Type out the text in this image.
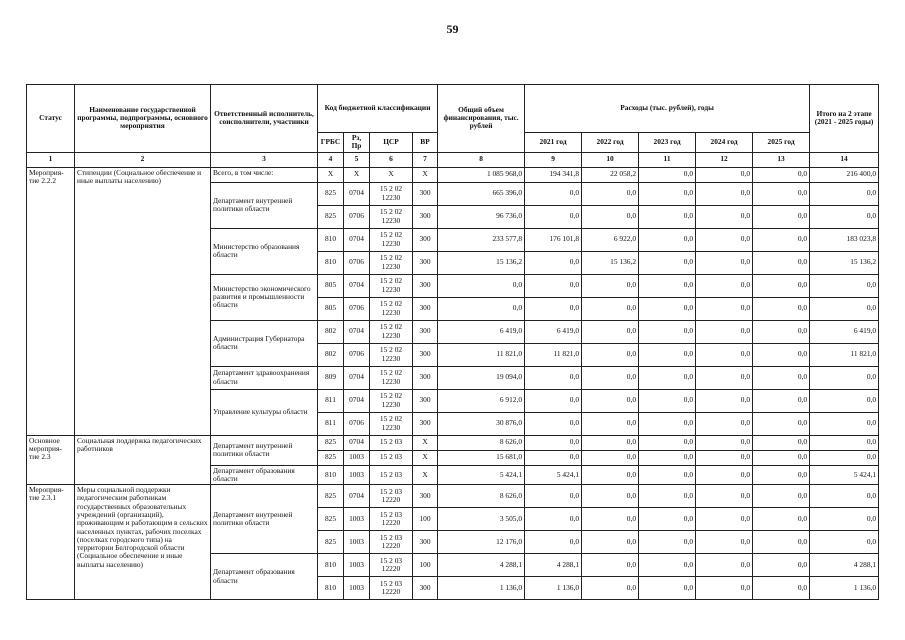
59
Статус	Наименование государственной программы, подпрограммы, основного мероприятия	Ответственный исполнитель, соисполнители, участники	Код бюджетной классификации				Общий объем финансирования, тыс. рублей	Расходы (тыс. рублей), годы					Итого на 2 этапе (2021 - 2025 годы)
			ГРБС	Рз, Пр	ЦСР	ВР		2021 год	2022 год	2023 год	2024 год	2025 год	
1	2	3	4	5	6	7	8	9	10	11	12	13	14
Мероприя-тие 2.2.2	Стипендии (Социальное обеспечение и иные выплаты населению)	Всего, в том числе:	X	X	X	X	1 085 968,0	194 341,8	22 058,2	0,0	0,0	0,0	216 400,0
		Департамент внутренней политики области	825	0704	15 2 02 12230	300	665 396,0	0,0	0,0	0,0	0,0	0,0	0,0
			825	0706	15 2 02 12230	300	96 736,0	0,0	0,0	0,0	0,0	0,0	0,0
		Министерство образования области	810	0704	15 2 02 12230	300	233 577,8	176 101,8	6 922,0	0,0	0,0	0,0	183 023,8
			810	0706	15 2 02 12230	300	15 136,2	0,0	15 136,2	0,0	0,0	0,0	15 136,2
		Министерство экономического развития и промышленности области	805	0704	15 2 02 12230	300	0,0	0,0	0,0	0,0	0,0	0,0	0,0
			805	0706	15 2 02 12230	300	0,0	0,0	0,0	0,0	0,0	0,0	0,0
		Администрация Губернатора области	802	0704	15 2 02 12230	300	6 419,0	6 419,0	0,0	0,0	0,0	0,0	6 419,0
			802	0706	15 2 02 12230	300	11 821,0	11 821,0	0,0	0,0	0,0	0,0	11 821,0
		Департамент здравоохранения области	809	0704	15 2 02 12230	300	19 094,0	0,0	0,0	0,0	0,0	0,0	0,0
		Управление культуры области	811	0704	15 2 02 12230	300	6 912,0	0,0	0,0	0,0	0,0	0,0	0,0
			811	0706	15 2 02 12230	300	30 876,0	0,0	0,0	0,0	0,0	0,0	0,0
Основное мероприя-тие 2.3	Социальная поддержка педагогических работников	Департамент внутренней политики области	825	0704	15 2 03	X	8 626,0	0,0	0,0	0,0	0,0	0,0	0,0
			825	1003	15 2 03	X	15 681,0	0,0	0,0	0,0	0,0	0,0	0,0
		Департамент образования области	810	1003	15 2 03	X	5 424,1	5 424,1	0,0	0,0	0,0	0,0	5 424,1
Мероприя-тие 2.3.1	Меры социальной поддержки педагогическим работникам государственных образовательных учреждений (организаций), проживающим и работающим в сельских населенных пунктах, рабочих поселках (поселках городского типа) на территории Белгородской области (Социальное обеспечение и иные выплаты населению)	Департамент внутренней политики области	825	0704	15 2 03 12220	300	8 626,0	0,0	0,0	0,0	0,0	0,0	0,0
			825	1003	15 2 03 12220	100	3 505,0	0,0	0,0	0,0	0,0	0,0	0,0
			825	1003	15 2 03 12220	300	12 176,0	0,0	0,0	0,0	0,0	0,0	0,0
		Департамент образования области	810	1003	15 2 03 12220	100	4 288,1	4 288,1	0,0	0,0	0,0	0,0	4 288,1
			810	1003	15 2 03 12220	300	1 136,0	1 136,0	0,0	0,0	0,0	0,0	1 136,0
